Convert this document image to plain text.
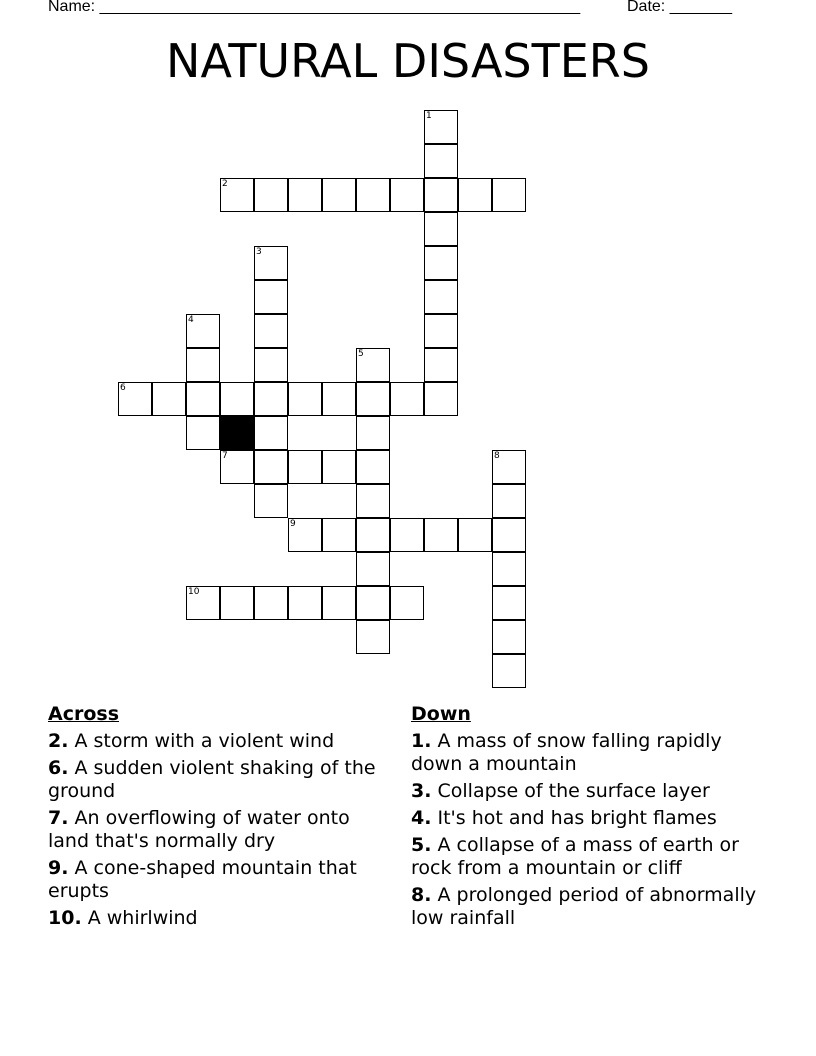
Name: ______________________________________________________	Date: _______
NATURAL DISASTERS
1
2
3
4
5
6
7	8
9
10
Across
2. A storm with a violent wind
6. A sudden violent shaking of the ground
7. An overflowing of water onto land that's normally dry
9. A cone-shaped mountain that erupts
10. A whirlwind
Down
1. A mass of snow falling rapidly down a mountain
3. Collapse of the surface layer
4. It's hot and has bright flames
5. A collapse of a mass of earth or rock from a mountain or cliff
8. A prolonged period of abnormally low rainfall
